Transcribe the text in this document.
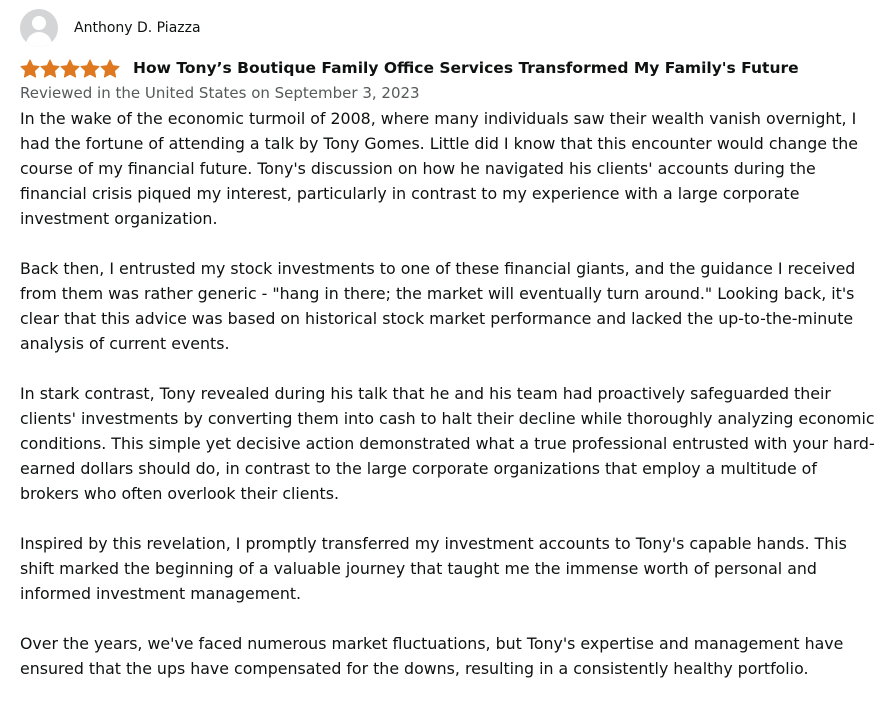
Anthony D. Piazza
How Tony’s Boutique Family Office Services Transformed My Family's Future
Reviewed in the United States on September 3, 2023

In the wake of the economic turmoil of 2008, where many individuals saw their wealth vanish overnight, I had the fortune of attending a talk by Tony Gomes. Little did I know that this encounter would change the course of my financial future. Tony's discussion on how he navigated his clients' accounts during the financial crisis piqued my interest, particularly in contrast to my experience with a large corporate investment organization.

Back then, I entrusted my stock investments to one of these financial giants, and the guidance I received from them was rather generic - "hang in there; the market will eventually turn around." Looking back, it's clear that this advice was based on historical stock market performance and lacked the up-to-the-minute analysis of current events.

In stark contrast, Tony revealed during his talk that he and his team had proactively safeguarded their clients' investments by converting them into cash to halt their decline while thoroughly analyzing economic conditions. This simple yet decisive action demonstrated what a true professional entrusted with your hard-earned dollars should do, in contrast to the large corporate organizations that employ a multitude of brokers who often overlook their clients.

Inspired by this revelation, I promptly transferred my investment accounts to Tony's capable hands. This shift marked the beginning of a valuable journey that taught me the immense worth of personal and informed investment management.

Over the years, we've faced numerous market fluctuations, but Tony's expertise and management have ensured that the ups have compensated for the downs, resulting in a consistently healthy portfolio.
